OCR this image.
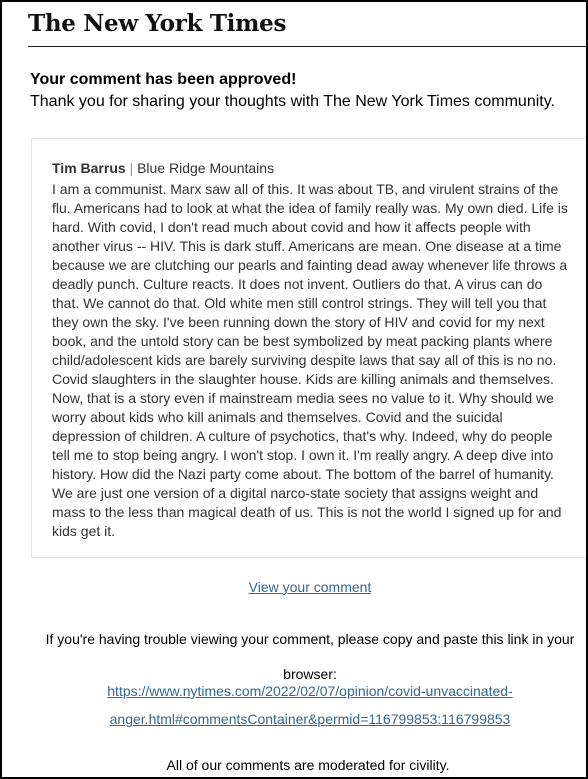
The New York Times
Your comment has been approved!
Thank you for sharing your thoughts with The New York Times community.
Tim Barrus | Blue Ridge Mountains
I am a communist. Marx saw all of this. It was about TB, and virulent strains of the flu. Americans had to look at what the idea of family really was. My own died. Life is hard. With covid, I don't read much about covid and how it affects people with another virus -- HIV. This is dark stuff. Americans are mean. One disease at a time because we are clutching our pearls and fainting dead away whenever life throws a deadly punch. Culture reacts. It does not invent. Outliers do that. A virus can do that. We cannot do that. Old white men still control strings. They will tell you that they own the sky. I've been running down the story of HIV and covid for my next book, and the untold story can be best symbolized by meat packing plants where child/adolescent kids are barely surviving despite laws that say all of this is no no. Covid slaughters in the slaughter house. Kids are killing animals and themselves. Now, that is a story even if mainstream media sees no value to it. Why should we worry about kids who kill animals and themselves. Covid and the suicidal depression of children. A culture of psychotics, that's why. Indeed, why do people tell me to stop being angry. I won't stop. I own it. I'm really angry. A deep dive into history. How did the Nazi party come about. The bottom of the barrel of humanity. We are just one version of a digital narco-state society that assigns weight and mass to the less than magical death of us. This is not the world I signed up for and kids get it.
View your comment
If you're having trouble viewing your comment, please copy and paste this link in your browser:
https://www.nytimes.com/2022/02/07/opinion/covid-unvaccinated-anger.html#commentsContainer&permid=116799853:116799853
All of our comments are moderated for civility.
